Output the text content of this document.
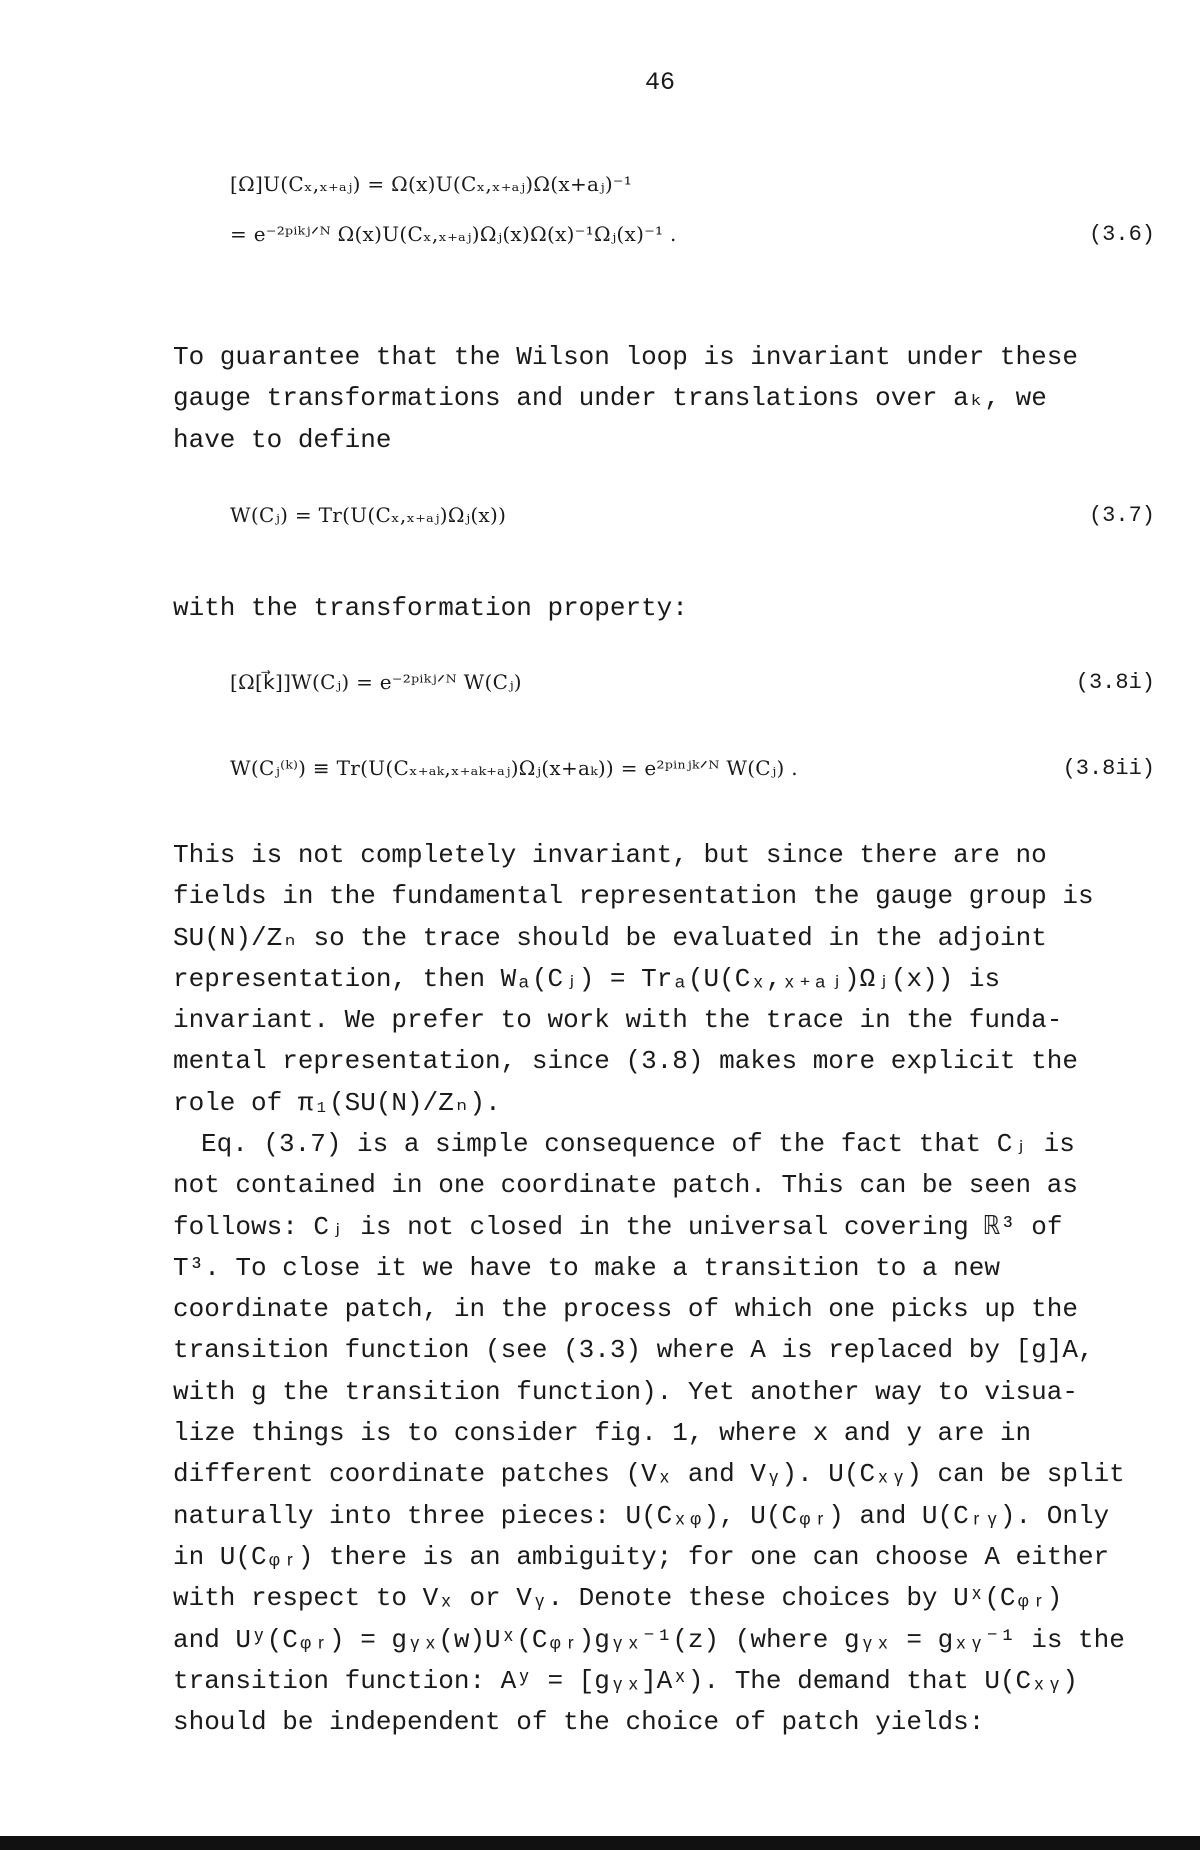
46
[Ω]U(Cₓ,ₓ₊ₐⱼ) = Ω(x)U(Cₓ,ₓ₊ₐⱼ)Ω(x+aⱼ)⁻¹
= e⁻²ᵖⁱᵏʲᐟᴺ Ω(x)U(Cₓ,ₓ₊ₐⱼ)Ωⱼ(x)Ω(x)⁻¹Ωⱼ(x)⁻¹ .	(3.6)
To guarantee that the Wilson loop is invariant under these
gauge transformations and under translations over aₖ, we
have to define
W(Cⱼ) = Tr(U(Cₓ,ₓ₊ₐⱼ)Ωⱼ(x))	(3.7)
with the transformation property:
[Ω[k⃗]]W(Cⱼ) = e⁻²ᵖⁱᵏʲᐟᴺ W(Cⱼ)	(3.8i)
W(Cⱼ⁽ᵏ⁾) ≡ Tr(U(Cₓ₊ₐₖ,ₓ₊ₐₖ₊ₐⱼ)Ωⱼ(x+aₖ)) = e²ᵖⁱⁿʲᵏᐟᴺ W(Cⱼ) .	(3.8ii)
This is not completely invariant, but since there are no
fields in the fundamental representation the gauge group is
SU(N)/Zₙ so the trace should be evaluated in the adjoint
representation, then Wₐ(Cⱼ) = Trₐ(U(Cₓ,ₓ₊ₐⱼ)Ωⱼ(x)) is
invariant. We prefer to work with the trace in the funda-
mental representation, since (3.8) makes more explicit the
role of π₁(SU(N)/Zₙ).
Eq. (3.7) is a simple consequence of the fact that Cⱼ is
not contained in one coordinate patch. This can be seen as
follows: Cⱼ is not closed in the universal covering ℝ³ of
T³. To close it we have to make a transition to a new
coordinate patch, in the process of which one picks up the
transition function (see (3.3) where A is replaced by [g]A,
with g the transition function). Yet another way to visua-
lize things is to consider fig. 1, where x and y are in
different coordinate patches (Vₓ and Vᵧ). U(Cₓᵧ) can be split
naturally into three pieces: U(Cₓᵩ), U(Cᵩᵣ) and U(Cᵣᵧ). Only
in U(Cᵩᵣ) there is an ambiguity; for one can choose A either
with respect to Vₓ or Vᵧ. Denote these choices by Uˣ(Cᵩᵣ)
and Uʸ(Cᵩᵣ) = gᵧₓ(w)Uˣ(Cᵩᵣ)gᵧₓ⁻¹(z) (where gᵧₓ = gₓᵧ⁻¹ is the
transition function: Aʸ = [gᵧₓ]Aˣ). The demand that U(Cₓᵧ)
should be independent of the choice of patch yields:
